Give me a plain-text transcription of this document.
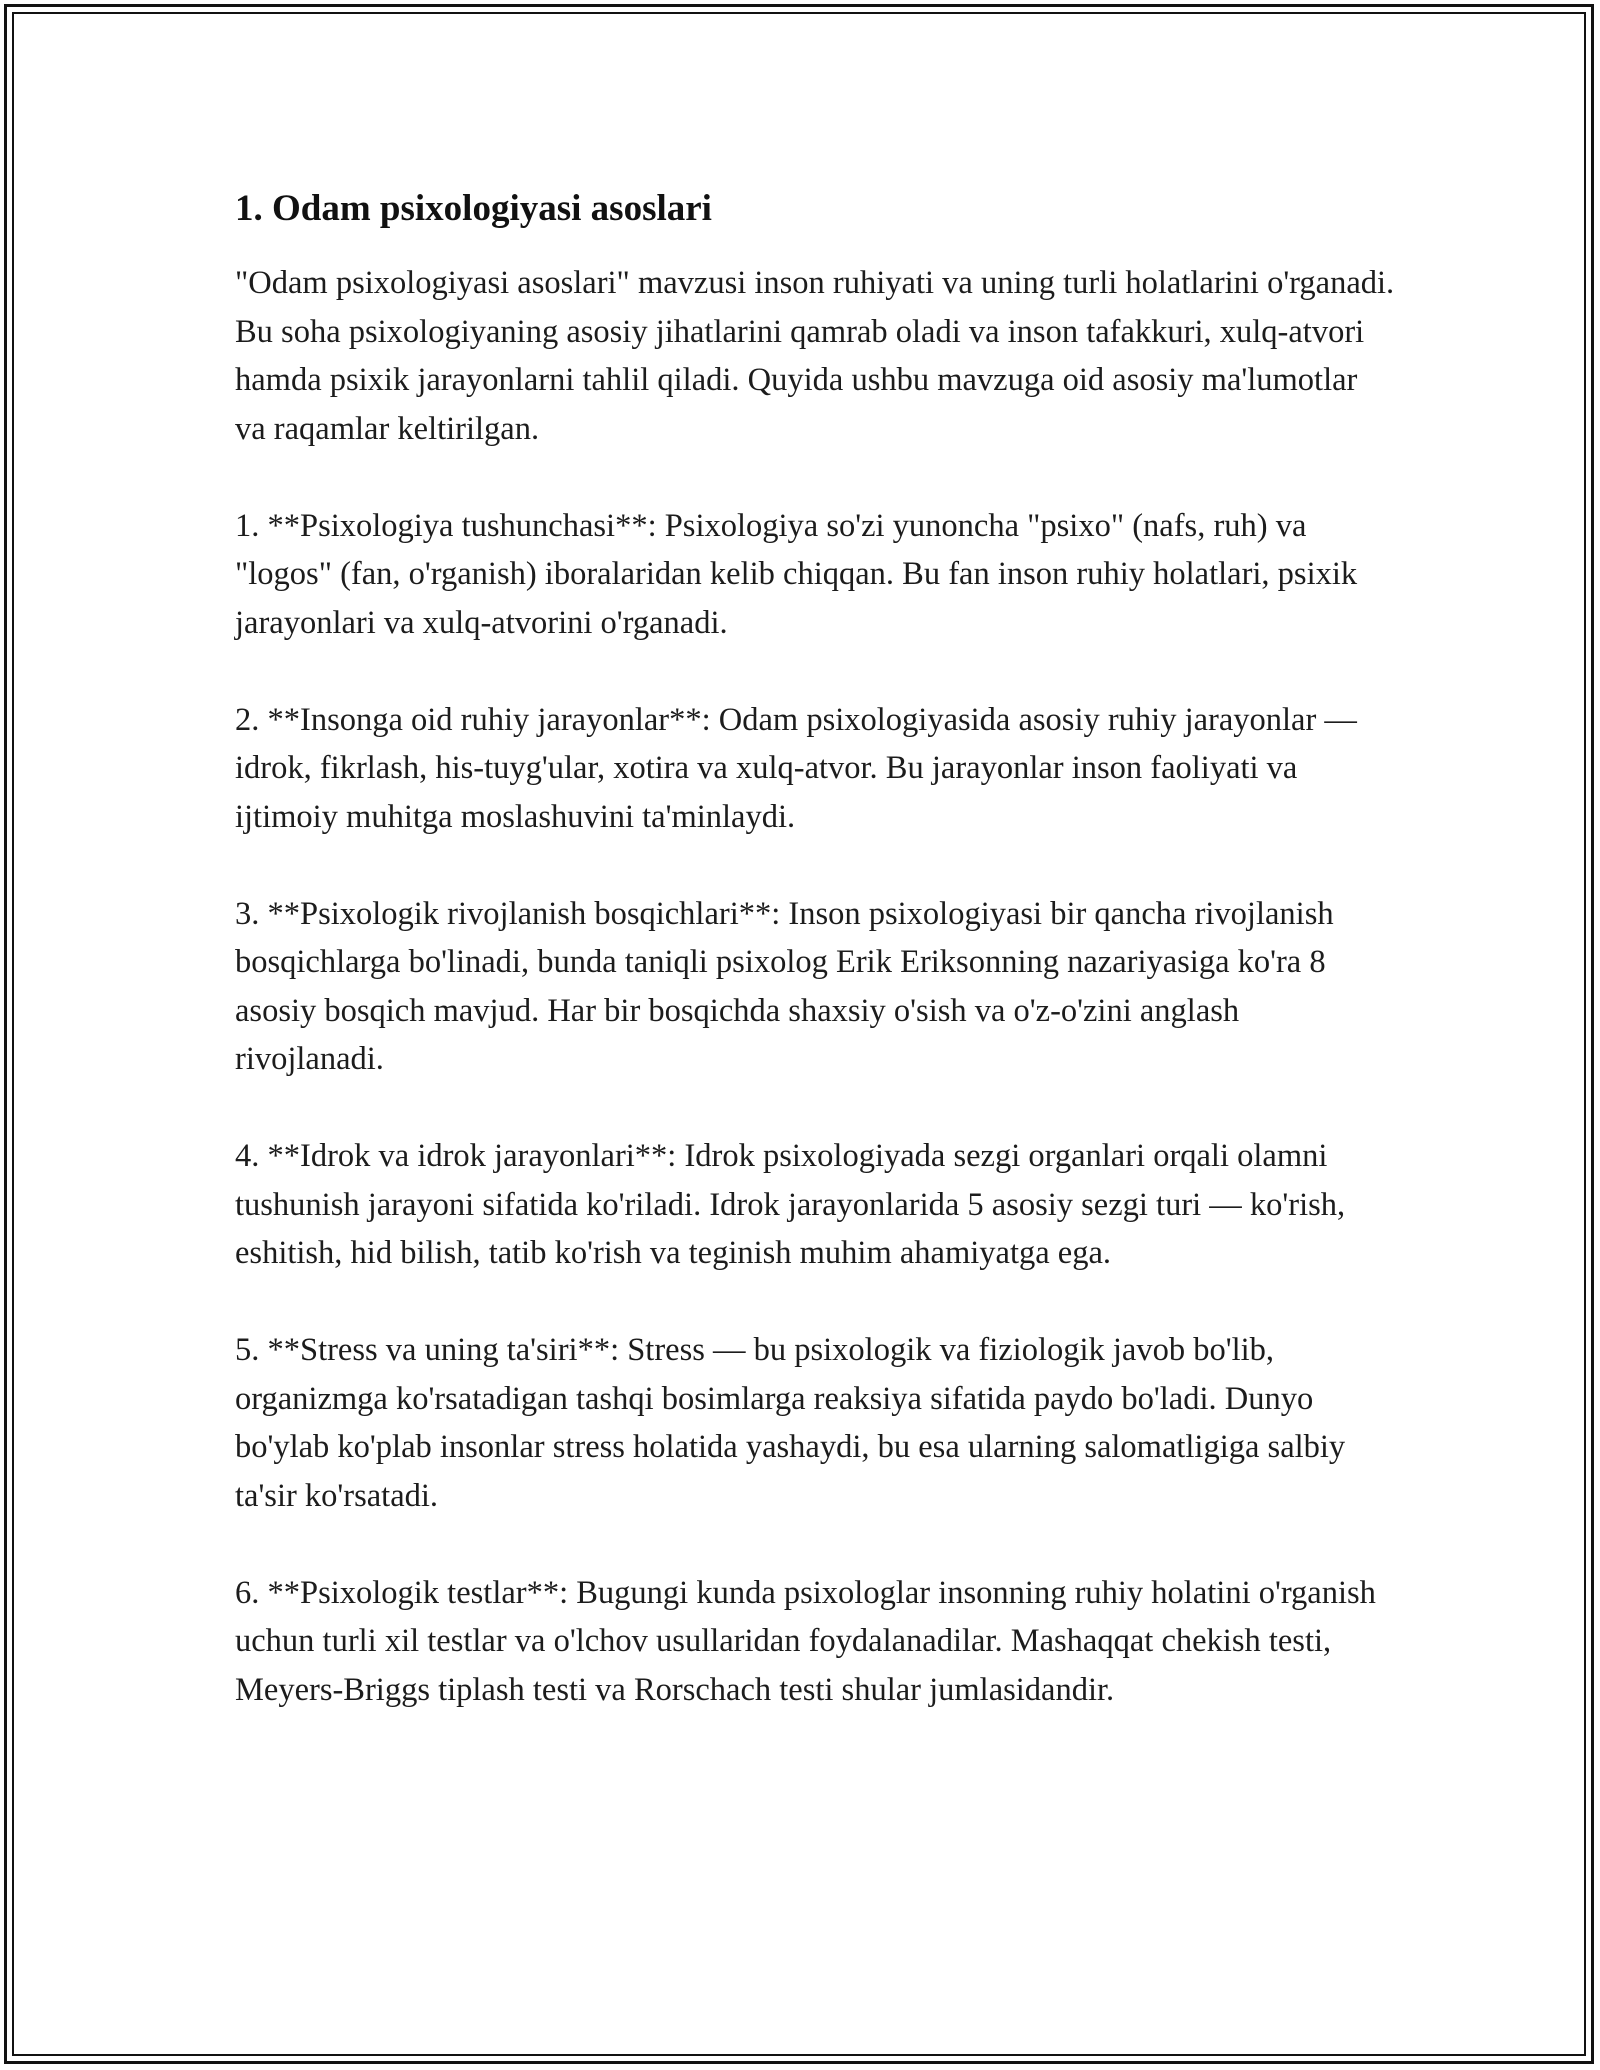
1. Odam psixologiyasi asoslari

"Odam psixologiyasi asoslari" mavzusi inson ruhiyati va uning turli holatlarini o'rganadi. Bu soha psixologiyaning asosiy jihatlarini qamrab oladi va inson tafakkuri, xulq-atvori hamda psixik jarayonlarni tahlil qiladi. Quyida ushbu mavzuga oid asosiy ma'lumotlar va raqamlar keltirilgan.

1. **Psixologiya tushunchasi**: Psixologiya so'zi yunoncha "psixo" (nafs, ruh) va "logos" (fan, o'rganish) iboralaridan kelib chiqqan. Bu fan inson ruhiy holatlari, psixik jarayonlari va xulq-atvorini o'rganadi.

2. **Insonga oid ruhiy jarayonlar**: Odam psixologiyasida asosiy ruhiy jarayonlar — idrok, fikrlash, his-tuyg'ular, xotira va xulq-atvor. Bu jarayonlar inson faoliyati va ijtimoiy muhitga moslashuvini ta'minlaydi.

3. **Psixologik rivojlanish bosqichlari**: Inson psixologiyasi bir qancha rivojlanish bosqichlarga bo'linadi, bunda taniqli psixolog Erik Eriksonning nazariyasiga ko'ra 8 asosiy bosqich mavjud. Har bir bosqichda shaxsiy o'sish va o'z-o'zini anglash rivojlanadi.

4. **Idrok va idrok jarayonlari**: Idrok psixologiyada sezgi organlari orqali olamni tushunish jarayoni sifatida ko'riladi. Idrok jarayonlarida 5 asosiy sezgi turi — ko'rish, eshitish, hid bilish, tatib ko'rish va teginish muhim ahamiyatga ega.

5. **Stress va uning ta'siri**: Stress — bu psixologik va fiziologik javob bo'lib, organizmga ko'rsatadigan tashqi bosimlarga reaksiya sifatida paydo bo'ladi. Dunyo bo'ylab ko'plab insonlar stress holatida yashaydi, bu esa ularning salomatligiga salbiy ta'sir ko'rsatadi.

6. **Psixologik testlar**: Bugungi kunda psixologlar insonning ruhiy holatini o'rganish uchun turli xil testlar va o'lchov usullaridan foydalanadilar. Mashaqqat chekish testi, Meyers-Briggs tiplash testi va Rorschach testi shular jumlasidandir.
